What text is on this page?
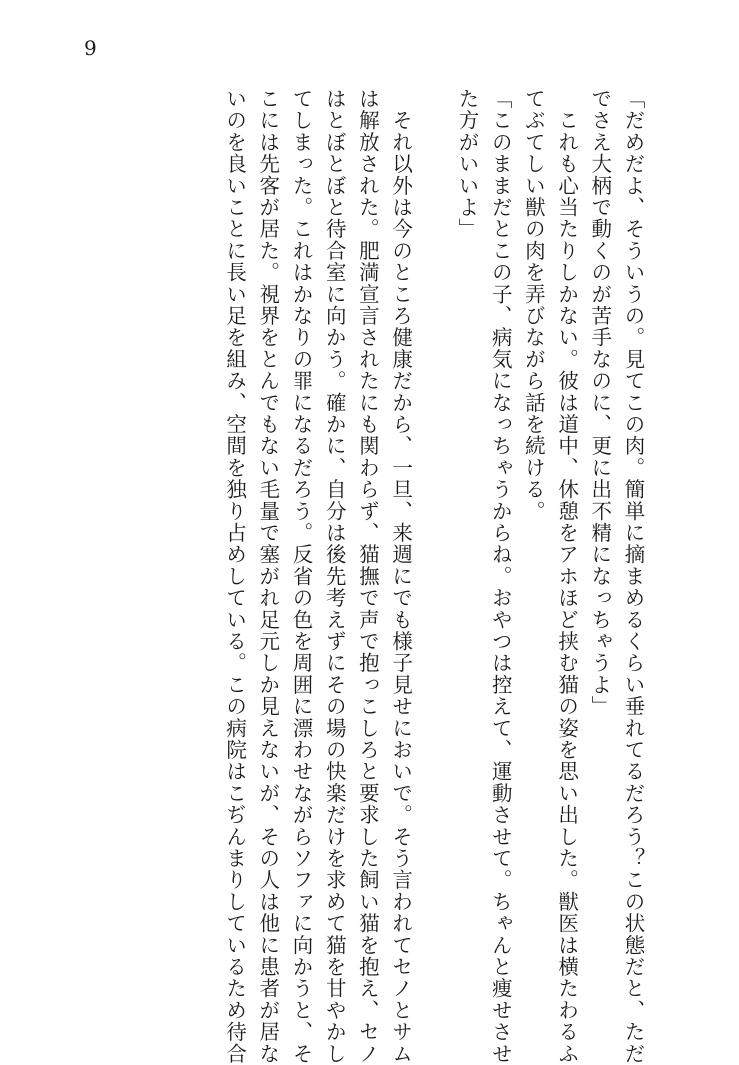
9
「だめだよ、そういうの。見てこの肉。簡単に摘まめるくらい垂れてるだろう？この状態だと、ただ
でさえ大柄で動くのが苦手なのに、更に出不精になっちゃうよ」
　これも心当たりしかない。彼は道中、休憩をアホほど挟む猫の姿を思い出した。獣医は横たわるふ
てぶてしい獣の肉を弄びながら話を続ける。
「このままだとこの子、病気になっちゃうからね。おやつは控えて、運動させて。ちゃんと痩せさせ
た方がいいよ」
　それ以外は今のところ健康だから、一旦、来週にでも様子見せにおいで。そう言われてセノとサム
は解放された。肥満宣言されたにも関わらず、猫撫で声で抱っこしろと要求した飼い猫を抱え、セノ
はとぼとぼと待合室に向かう。確かに、自分は後先考えずにその場の快楽だけを求めて猫を甘やかし
てしまった。これはかなりの罪になるだろう。反省の色を周囲に漂わせながらソファに向かうと、そ
こには先客が居た。視界をとんでもない毛量で塞がれ足元しか見えないが、その人は他に患者が居な
いのを良いことに長い足を組み、空間を独り占めしている。この病院はこぢんまりしているため待合
